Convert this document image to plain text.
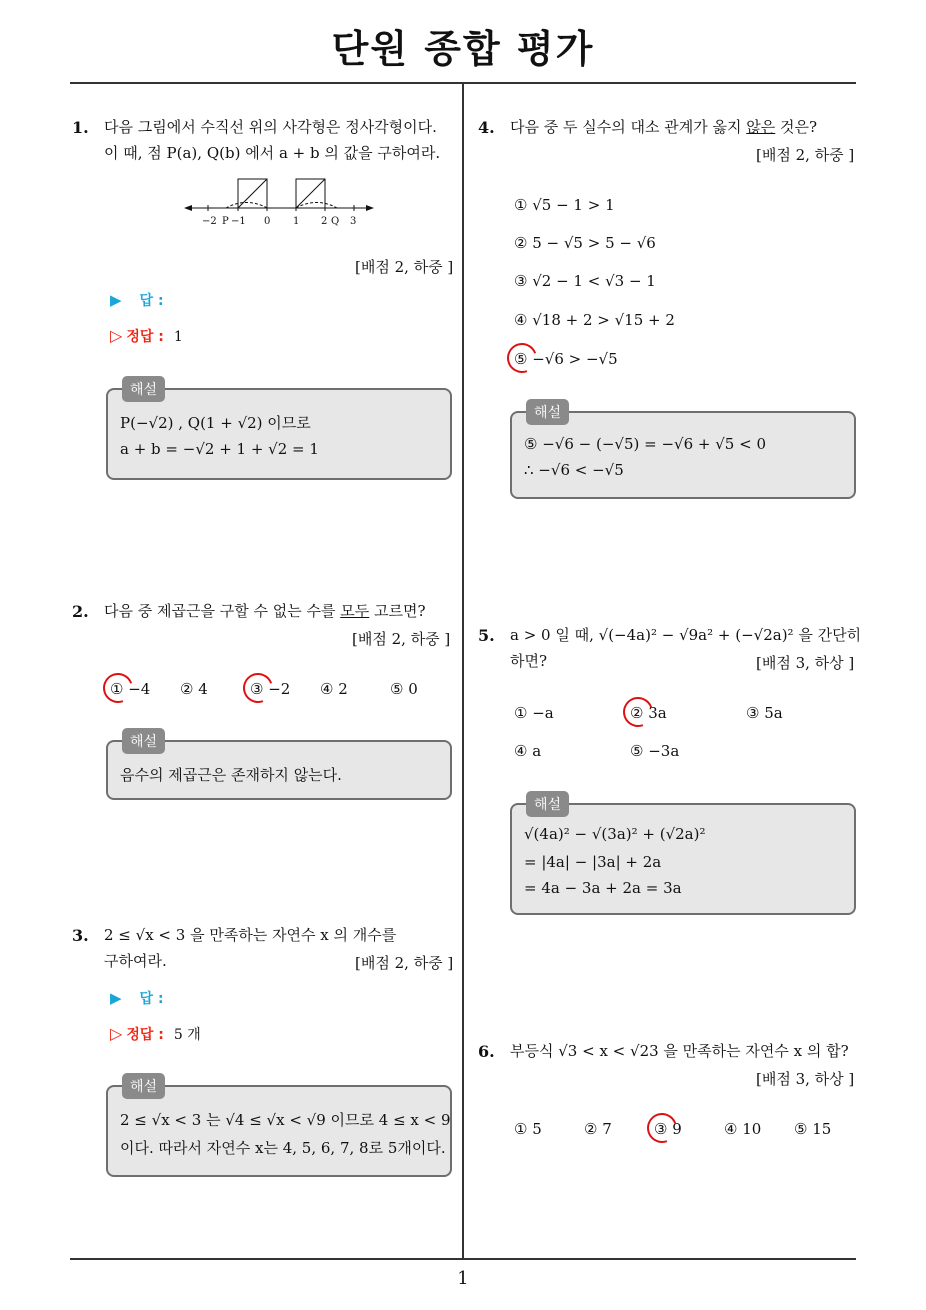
단원 종합 평가
1. 다음 그림에서 수직선 위의 사각형은 정사각형이다.
이 때, 점 P(a), Q(b) 에서 a + b 의 값을 구하여라.
−2 P −1 0 1 2 Q 3
[배점 2, 하중 ]
▶ 답 :
▷ 정답 : 1
해설
P(−√2) , Q(1 + √2) 이므로
a + b = −√2 + 1 + √2 = 1
2. 다음 중 제곱근을 구할 수 없는 수를 모두 고르면?
[배점 2, 하중 ]
① −4 ② 4	③ −2 ④ 2	⑤ 0
해설
음수의 제곱근은 존재하지 않는다.
3. 2 ≤ √x < 3 을 만족하는 자연수 x 의 개수를
구하여라.	[배점 2, 하중 ]
▶ 답 :
▷ 정답 : 5 개
해설
2 ≤ √x < 3 는 √4 ≤ √x < √9 이므로 4 ≤ x < 9
이다. 따라서 자연수 x는 4, 5, 6, 7, 8로 5개이다.
4. 다음 중 두 실수의 대소 관계가 옳지 않은 것은?
[배점 2, 하중 ]
① √5 − 1 > 1
② 5 − √5 > 5 − √6
③ √2 − 1 < √3 − 1
④ √18 + 2 > √15 + 2
⑤ −√6 > −√5
해설
⑤ −√6 − (−√5) = −√6 + √5 < 0
∴ −√6 < −√5
5. a > 0 일 때, √(−4a)² − √9a² + (−√2a)² 을 간단히
하면?	[배점 3, 하상 ]
① −a	② 3a	③ 5a
④ a	⑤ −3a
해설
√(4a)² − √(3a)² + (√2a)²
= |4a| − |3a| + 2a
= 4a − 3a + 2a = 3a
6. 부등식 √3 < x < √23 을 만족하는 자연수 x 의 합?
[배점 3, 하상 ]
① 5	② 7	③ 9	④ 10 ⑤ 15
1
